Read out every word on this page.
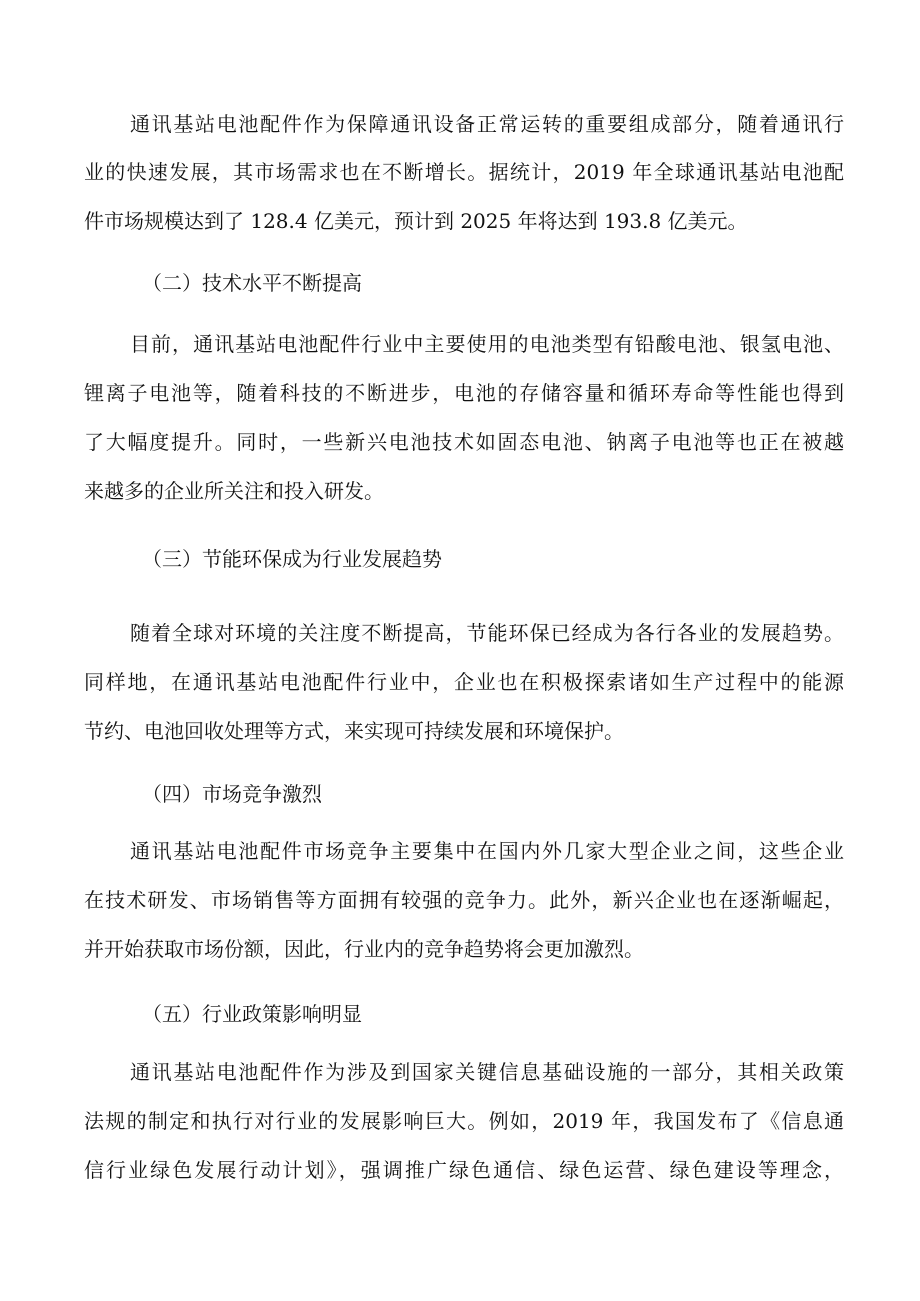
通讯基站电池配件作为保障通讯设备正常运转的重要组成部分，随着通讯行
业的快速发展，其市场需求也在不断增长。据统计，2019 年全球通讯基站电池配
件市场规模达到了 128.4 亿美元，预计到 2025 年将达到 193.8 亿美元。
（二）技术水平不断提高
目前，通讯基站电池配件行业中主要使用的电池类型有铅酸电池、银氢电池、
锂离子电池等，随着科技的不断进步，电池的存储容量和循环寿命等性能也得到
了大幅度提升。同时，一些新兴电池技术如固态电池、钠离子电池等也正在被越
来越多的企业所关注和投入研发。
（三）节能环保成为行业发展趋势
随着全球对环境的关注度不断提高，节能环保已经成为各行各业的发展趋势。
同样地，在通讯基站电池配件行业中，企业也在积极探索诸如生产过程中的能源
节约、电池回收处理等方式，来实现可持续发展和环境保护。
（四）市场竞争激烈
通讯基站电池配件市场竞争主要集中在国内外几家大型企业之间，这些企业
在技术研发、市场销售等方面拥有较强的竞争力。此外，新兴企业也在逐渐崛起，
并开始获取市场份额，因此，行业内的竞争趋势将会更加激烈。
（五）行业政策影响明显
通讯基站电池配件作为涉及到国家关键信息基础设施的一部分，其相关政策
法规的制定和执行对行业的发展影响巨大。例如，2019 年，我国发布了《信息通
信行业绿色发展行动计划》，强调推广绿色通信、绿色运营、绿色建设等理念，
